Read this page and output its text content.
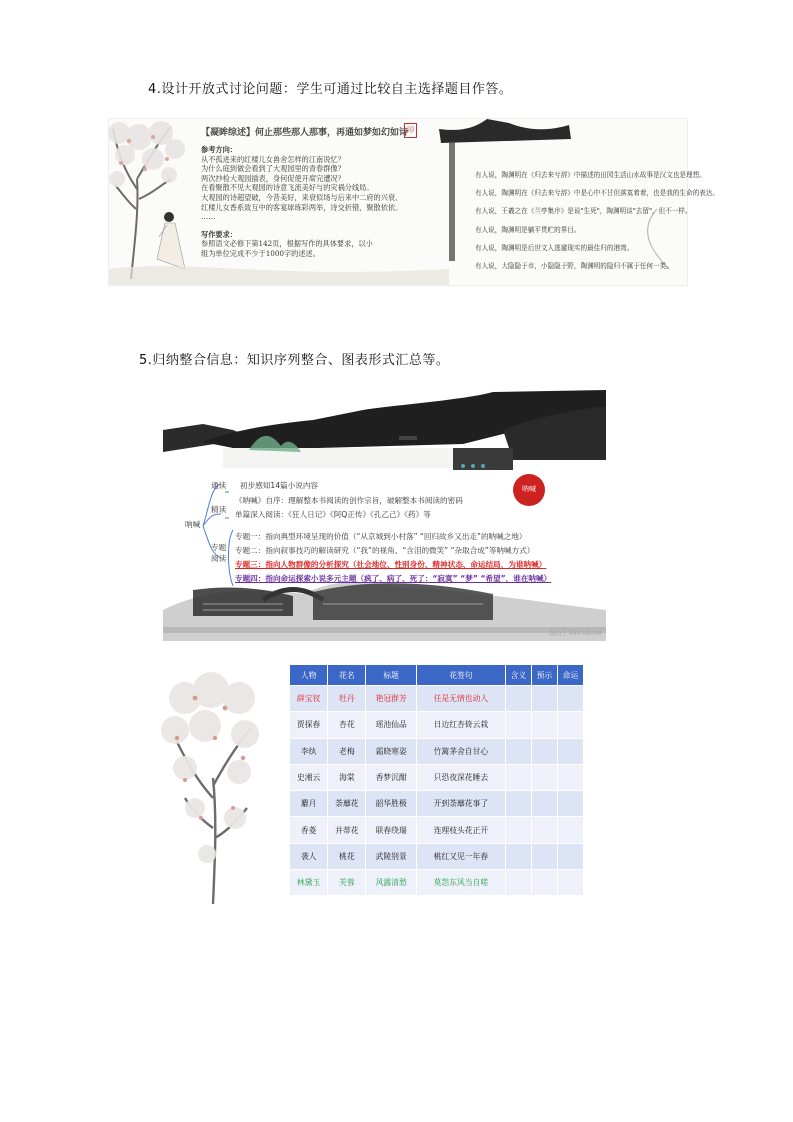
4.设计开放式讨论问题：学生可通过比较自主选择题目作答。
【凝眸综述】何止那些那人那事，再通如梦如幻如诗
印
参考方向：
从不孤进来的红楼儿女兽舍怎样的江南说忆？
为什么庭到做会看到了大观园里的青春群像？
两次抄检大观园插表，身何促使开席完遭况？
在看聚散不见大观园的诗意飞流美好与的灾祸分线局。
大观园的诗超望破，今昔美好，来衰似场与后来中二府的兴衰、
红楼儿女香系致互中的客宴球练彩两举，诗交折错，聚散依依。
……
写作要求：
参照语文必修下第142页，根据写作的具体要求，以小
组为单位完成不少于1000字的述述。
有人说，陶渊明在《归去来兮辞》中描述的田园生活山水故事是汉文也是理想。
有人说，陶渊明在《归去来兮辞》中是心中不甘但落寞着着，也是我的生命的表达。
有人说，王羲之在《兰亭集序》是说"生死"，陶渊明谈"去留"，但不一样。
有人说，陶渊明是躺平贯贮的界目。
有人说，陶渊明是后世文人逃避现实的最佳归的港湾。
有人说，大隐隐于市，小隐隐于野，陶渊明的隐归不属于任何一类。
5.归纳整合信息：知识序列整合、图表形式汇总等。
呐喊
通读 初步感知14篇小说内容
精读
《呐喊》自序：理解整本书阅读的创作宗旨，破解整本书阅读的密码
单篇深入阅读：《狂人日记》《阿Q正传》《孔乙己》《药》等
专题
阅读
专题一：指向典型环境呈现的价值（“从京城到小村落” “回归故乡又出走”的呐喊之地）
专题二：指向叙事技巧的解读研究（“我”的视角、“含泪的微笑” “杂取合成”等呐喊方式）
专题三：指向人物群像的分析探究（社会地位、性别身份、精神状态、命运结局，为谁呐喊）
专题四：指向命运探索小说多元主题（疯了、病了、死了：“寂寞” “梦” “希望”，谁在呐喊）
呐喊
激活 Window
人物	花名	标题	花签句	含义	预示	命运
薛宝钗	牡丹	艳冠群芳	任是无情也动人			
贾探春	杏花	瑶池仙品	日边红杏倚云栽			
李纨	老梅	霜晓寒姿	竹篱茅舍自甘心			
史湘云	海棠	香梦沉酣	只恐夜深花睡去			
麝月	荼蘼花	韶华胜极	开到荼蘼花事了			
香菱	并蒂花	联春绕瑞	连理枝头花正开			
袭人	桃花	武陵别景	桃红又见一年春			
林黛玉	芙蓉	风露清愁	莫怨东风当自嗟			
